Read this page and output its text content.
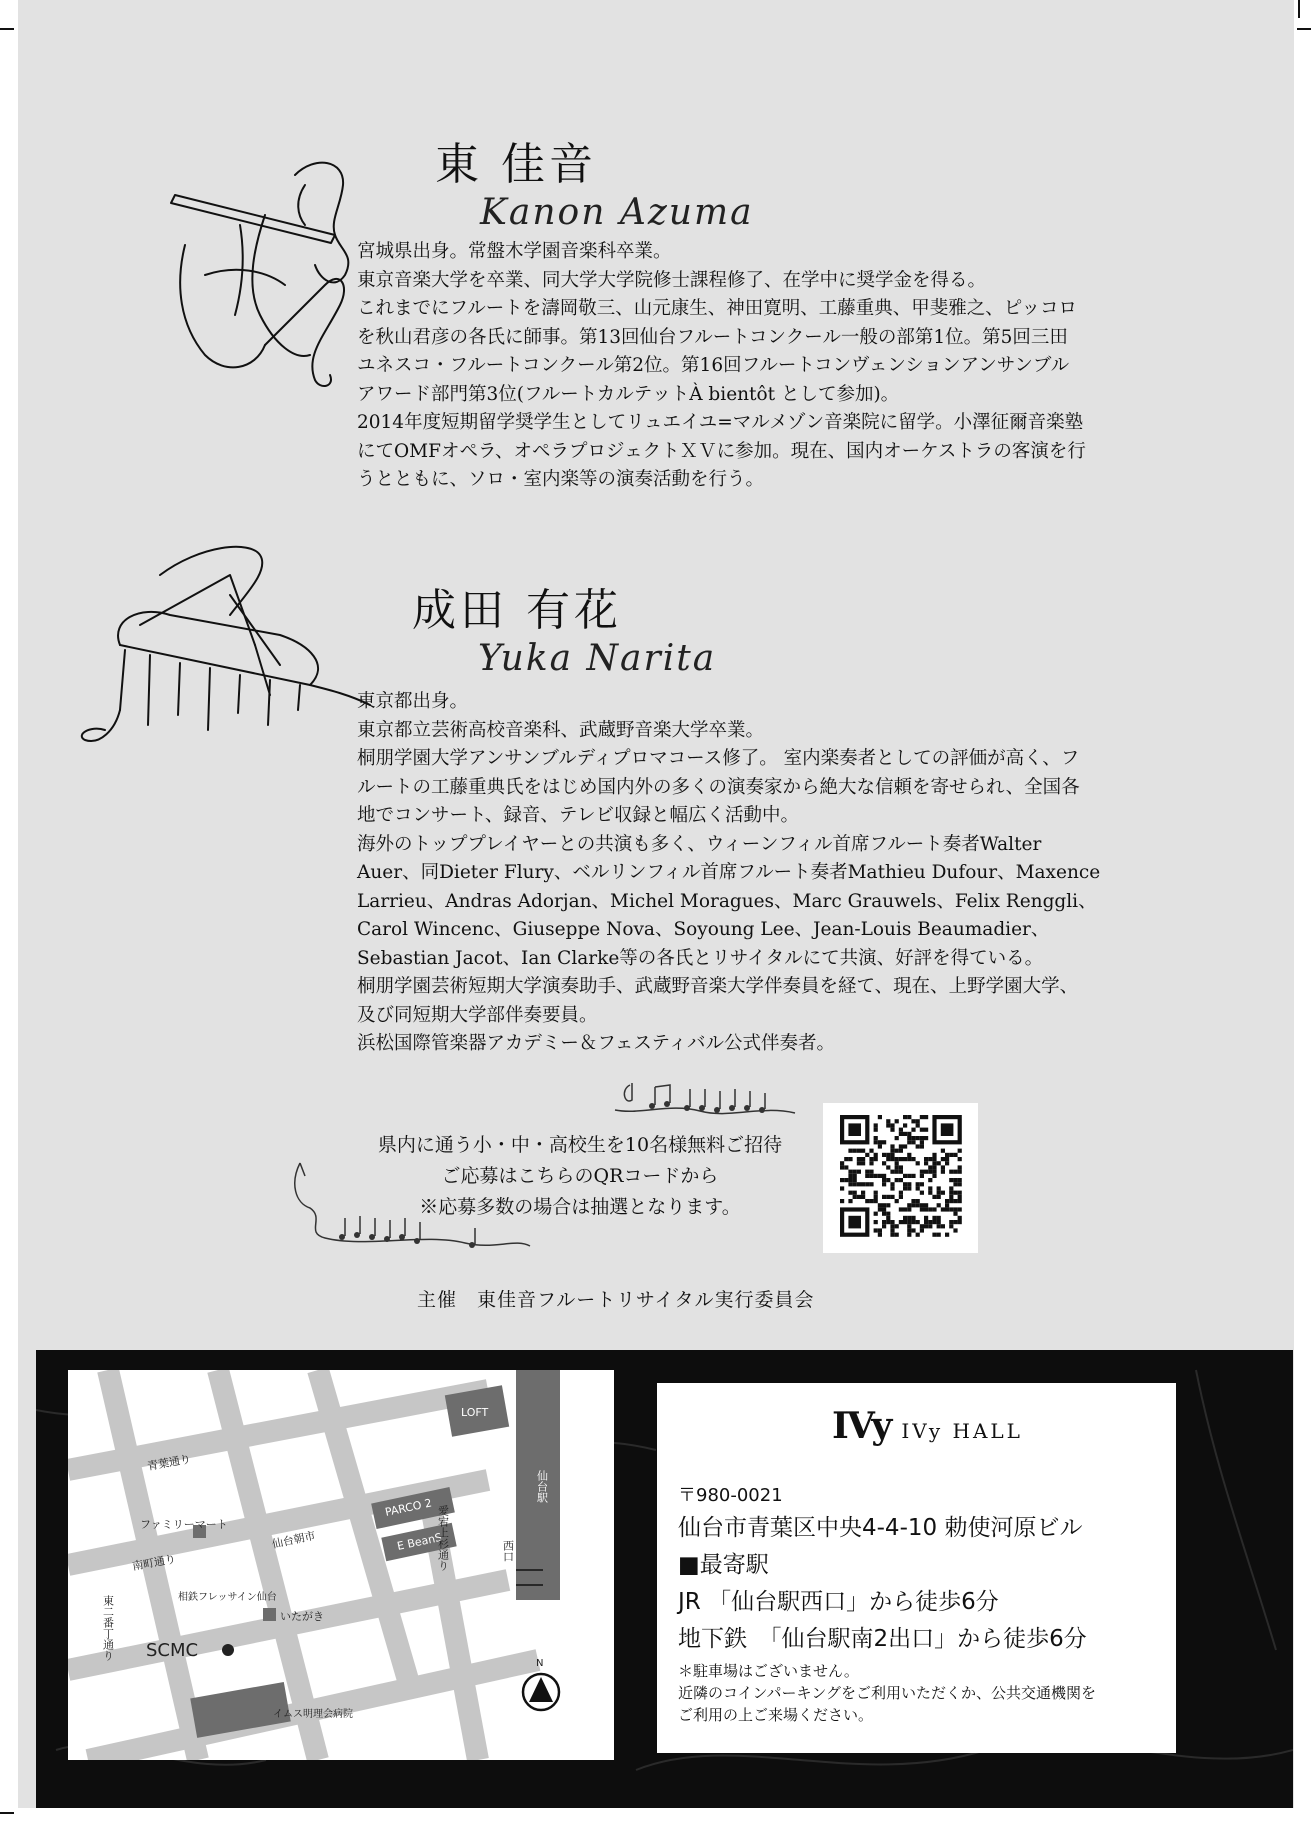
東 佳音
Kanon Azuma

宮城県出身。常盤木学園音楽科卒業。

東京音楽大学を卒業、同大学大学院修士課程修了、在学中に奨学金を得る。

これまでにフルートを濤岡敬三、山元康生、神田寛明、工藤重典、甲斐雅之、ピッコロ

を秋山君彦の各氏に師事。第13回仙台フルートコンクール一般の部第1位。第5回三田

ユネスコ・フルートコンクール第2位。第16回フルートコンヴェンションアンサンブル

アワード部門第3位(フルートカルテットÀ bientôt として参加)。

2014年度短期留学奨学生としてリュエイユ=マルメゾン音楽院に留学。小澤征爾音楽塾

にてOMFオペラ、オペラプロジェクトＸＶに参加。現在、国内オーケストラの客演を行

うとともに、ソロ・室内楽等の演奏活動を行う。

成田 有花
Yuka Narita

東京都出身。

東京都立芸術高校音楽科、武蔵野音楽大学卒業。

桐朋学園大学アンサンブルディプロマコース修了。 室内楽奏者としての評価が高く、フ

ルートの工藤重典氏をはじめ国内外の多くの演奏家から絶大な信頼を寄せられ、全国各

地でコンサート、録音、テレビ収録と幅広く活動中。

海外のトッププレイヤーとの共演も多く、ウィーンフィル首席フルート奏者Walter

Auer、同Dieter Flury、ベルリンフィル首席フルート奏者Mathieu Dufour、Maxence

Larrieu、Andras Adorjan、Michel Moragues、Marc Grauwels、Felix Renggli、

Carol Wincenc、Giuseppe Nova、Soyoung Lee、Jean-Louis Beaumadier、

Sebastian Jacot、Ian Clarke等の各氏とリサイタルにて共演、好評を得ている。

桐朋学園芸術短期大学演奏助手、武蔵野音楽大学伴奏員を経て、現在、上野学園大学、

及び同短期大学部伴奏要員。

浜松国際管楽器アカデミー＆フェスティバル公式伴奏者。

県内に通う小・中・高校生を10名様無料ご招待

ご応募はこちらのQRコードから

※応募多数の場合は抽選となります。

主催　東佳音フルートリサイタル実行委員会
青葉通り
LOFT
仙台駅
西口
ファミリーマート
南町通り
仙台朝市
PARCO 2
E BeanS
愛宕上杉通り
東二番丁通り	相鉄フレッサイン仙台
いたがき
SCMC
イムス明理会病院
N
IVy IVy HALL
〒980-0021
仙台市青葉区中央4-4-10 勅使河原ビル
■最寄駅
JR 「仙台駅西口」から徒歩6分
地下鉄　「仙台駅南2出口」から徒歩6分
＊駐車場はございません。
近隣のコインパーキングをご利用いただくか、公共交通機関を
ご利用の上ご来場ください。
